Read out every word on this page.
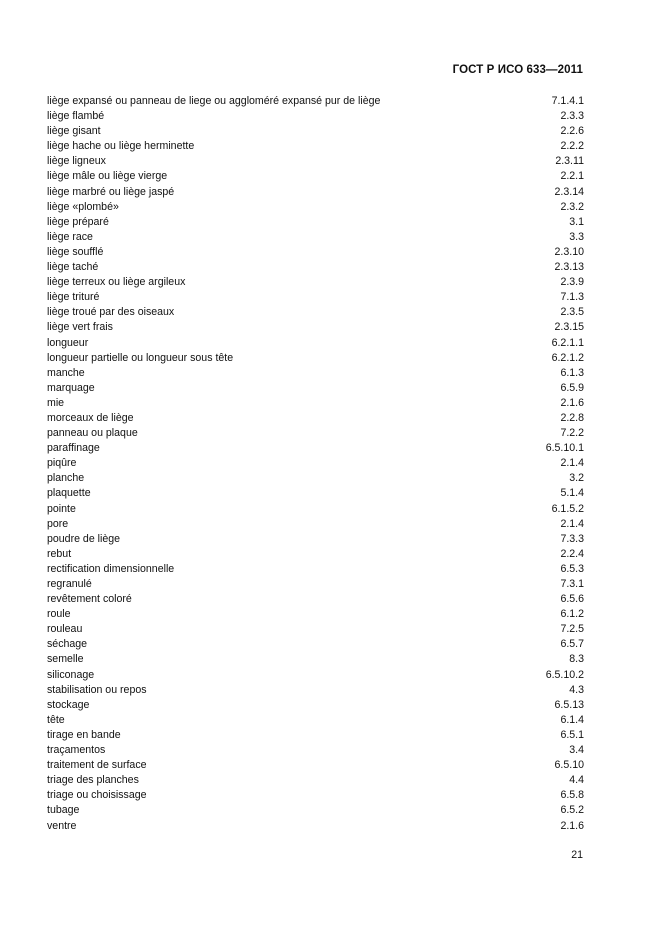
ГОСТ Р ИСО 633—2011
liège expansé ou panneau de liege ou aggloméré expansé pur de liège	7.1.4.1
liège flambé	2.3.3
liège gisant	2.2.6
liège hache ou liège herminette	2.2.2
liège ligneux	2.3.11
liège mâle ou liège vierge	2.2.1
liège marbré ou liège jaspé	2.3.14
liège «plombé»	2.3.2
liège préparé	3.1
liège race	3.3
liège soufflé	2.3.10
liège taché	2.3.13
liège terreux ou liège argileux	2.3.9
liège trituré	7.1.3
liège troué par des oiseaux	2.3.5
liège vert frais	2.3.15
longueur	6.2.1.1
longueur partielle ou longueur sous tête	6.2.1.2
manche	6.1.3
marquage	6.5.9
mie	2.1.6
morceaux de liège	2.2.8
panneau ou plaque	7.2.2
paraffinage	6.5.10.1
piqûre	2.1.4
planche	3.2
plaquette	5.1.4
pointe	6.1.5.2
pore	2.1.4
poudre de liège	7.3.3
rebut	2.2.4
rectification dimensionnelle	6.5.3
regranulé	7.3.1
revêtement coloré	6.5.6
roule	6.1.2
rouleau	7.2.5
séchage	6.5.7
semelle	8.3
siliconage	6.5.10.2
stabilisation ou repos	4.3
stockage	6.5.13
tête	6.1.4
tirage en bande	6.5.1
traçamentos	3.4
traitement de surface	6.5.10
triage des planches	4.4
triage ou choisissage	6.5.8
tubage	6.5.2
ventre	2.1.6
21
